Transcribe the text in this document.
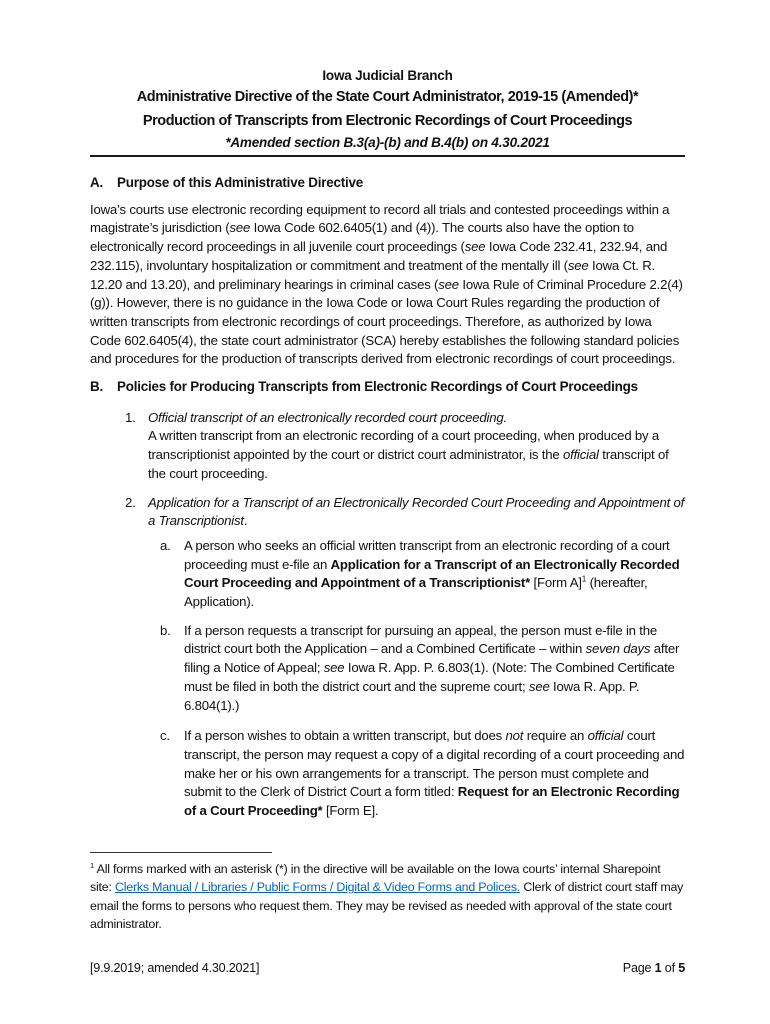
Iowa Judicial Branch
Administrative Directive of the State Court Administrator, 2019-15 (Amended)*
Production of Transcripts from Electronic Recordings of Court Proceedings
*Amended section B.3(a)-(b) and B.4(b) on 4.30.2021
A. Purpose of this Administrative Directive
Iowa’s courts use electronic recording equipment to record all trials and contested proceedings within a magistrate’s jurisdiction (see Iowa Code 602.6405(1) and (4)). The courts also have the option to electronically record proceedings in all juvenile court proceedings (see Iowa Code 232.41, 232.94, and 232.115), involuntary hospitalization or commitment and treatment of the mentally ill (see Iowa Ct. R. 12.20 and 13.20), and preliminary hearings in criminal cases (see Iowa Rule of Criminal Procedure 2.2(4)(g)). However, there is no guidance in the Iowa Code or Iowa Court Rules regarding the production of written transcripts from electronic recordings of court proceedings. Therefore, as authorized by Iowa Code 602.6405(4), the state court administrator (SCA) hereby establishes the following standard policies and procedures for the production of transcripts derived from electronic recordings of court proceedings.
B. Policies for Producing Transcripts from Electronic Recordings of Court Proceedings
1. Official transcript of an electronically recorded court proceeding.
A written transcript from an electronic recording of a court proceeding, when produced by a transcriptionist appointed by the court or district court administrator, is the official transcript of the court proceeding.
2. Application for a Transcript of an Electronically Recorded Court Proceeding and Appointment of a Transcriptionist.
a. A person who seeks an official written transcript from an electronic recording of a court proceeding must e-file an Application for a Transcript of an Electronically Recorded Court Proceeding and Appointment of a Transcriptionist* [Form A]$^1$ (hereafter, Application).
b. If a person requests a transcript for pursuing an appeal, the person must e-file in the district court both the Application – and a Combined Certificate – within seven days after filing a Notice of Appeal; see Iowa R. App. P. 6.803(1). (Note: The Combined Certificate must be filed in both the district court and the supreme court; see Iowa R. App. P. 6.804(1).)
c. If a person wishes to obtain a written transcript, but does not require an official court transcript, the person may request a copy of a digital recording of a court proceeding and make her or his own arrangements for a transcript. The person must complete and submit to the Clerk of District Court a form titled: Request for an Electronic Recording of a Court Proceeding* [Form E].
$^1$ All forms marked with an asterisk (*) in the directive will be available on the Iowa courts’ internal Sharepoint site: Clerks Manual / Libraries / Public Forms / Digital & Video Forms and Polices. Clerk of district court staff may email the forms to persons who request them. They may be revised as needed with approval of the state court administrator.
[9.9.2019; amended 4.30.2021]	Page 1 of 5
